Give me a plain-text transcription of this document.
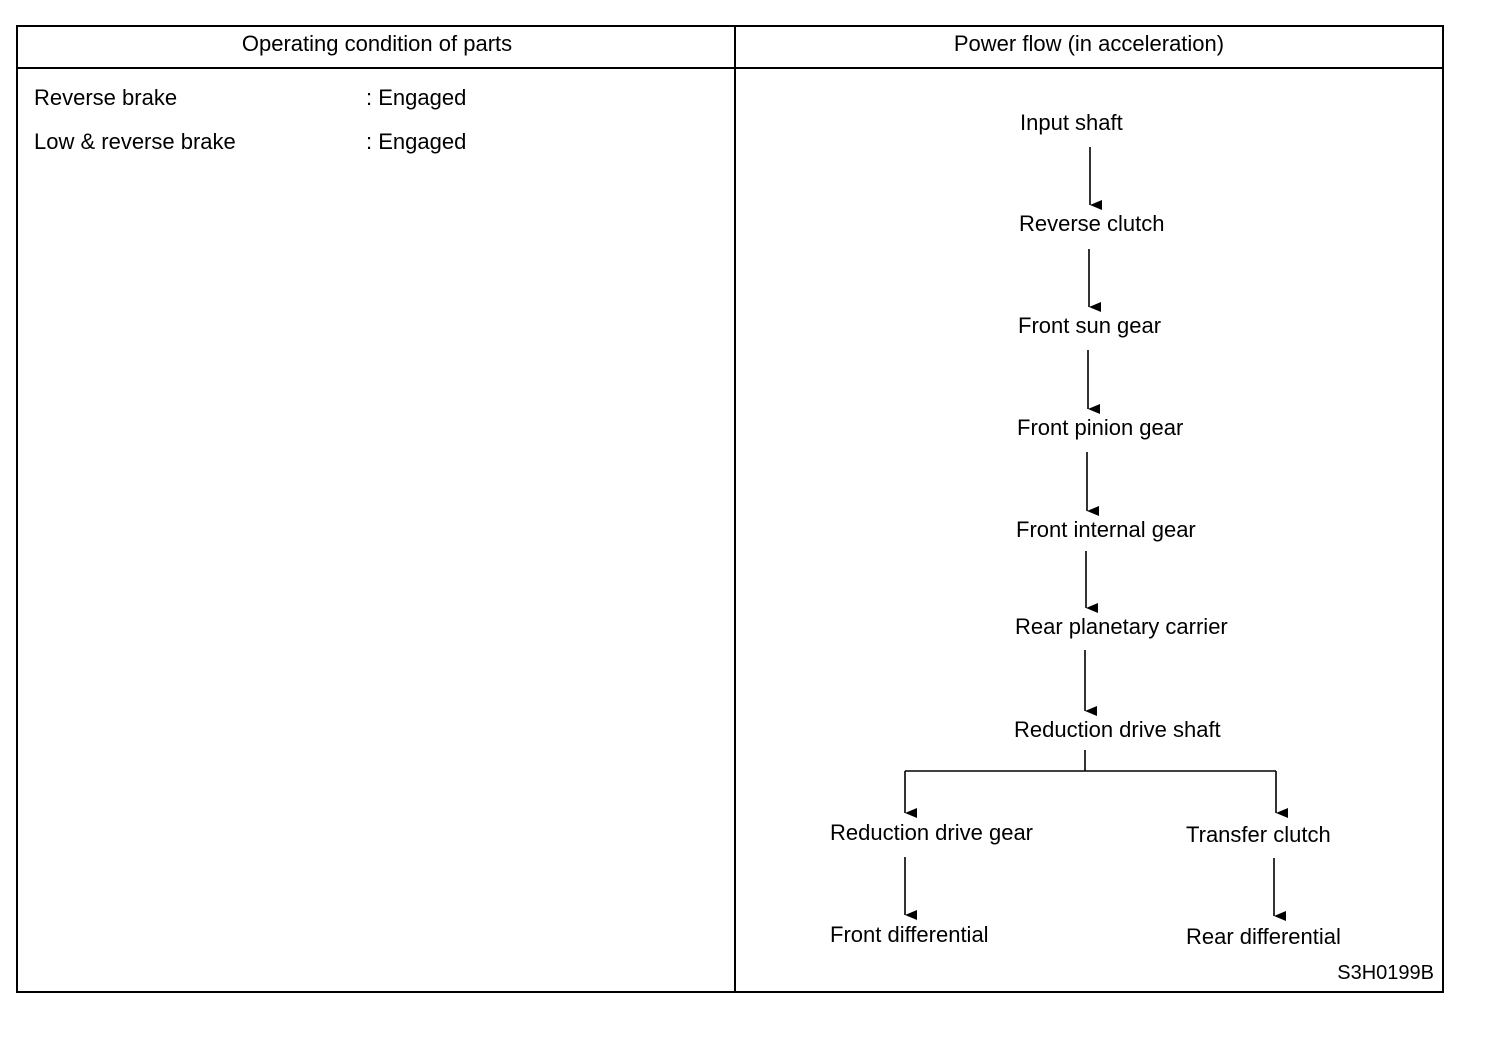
Operating condition of parts	Power flow (in acceleration)
Reverse brake	: Engaged
Low & reverse brake	: Engaged
S3H0199B
Input shaft
Reverse clutch
Front sun gear
Front pinion gear
Front internal gear
Rear planetary carrier
Reduction drive shaft
Reduction drive gear
Front differential
Transfer clutch
Rear differential
